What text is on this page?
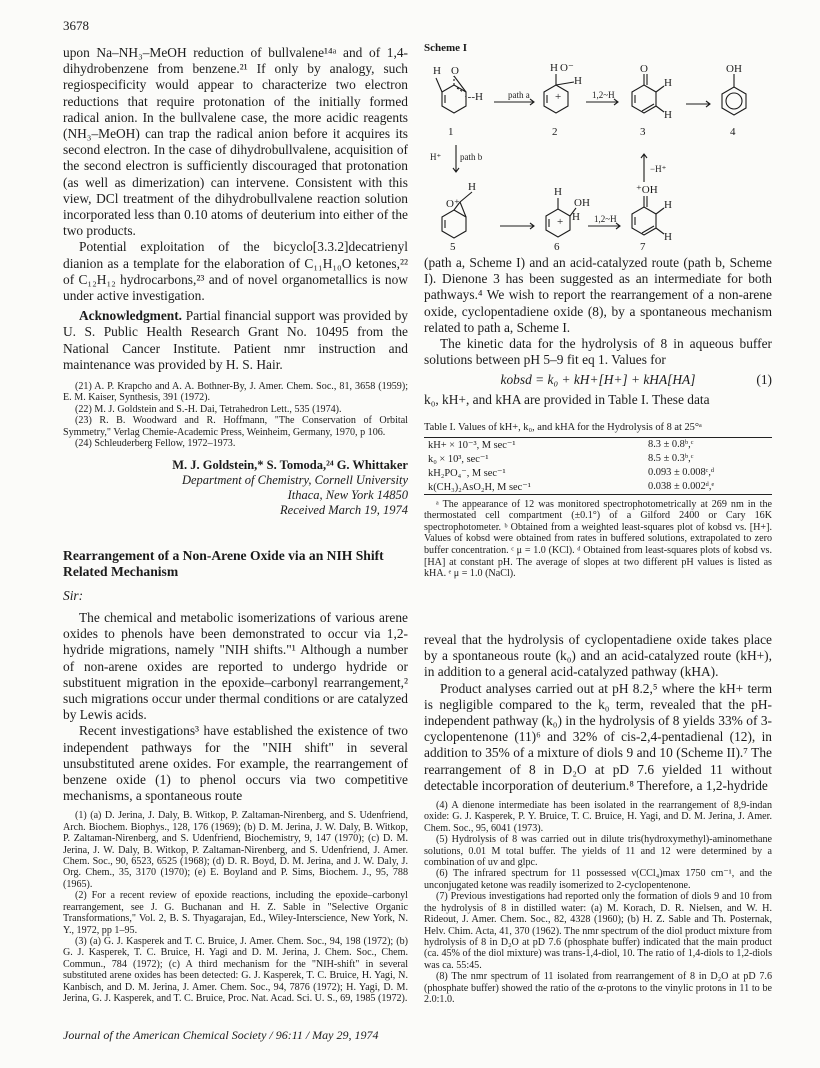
3678

upon Na–NH₃–MeOH reduction of bullvalene¹⁴ᵃ and of 1,4-dihydrobenzene from benzene.²¹ If only by analogy, such regiospecificity would appear to characterize two electron reductions that require protonation of the initially formed radical anion. In the bullvalene case, the more acidic reagents (NH₃–MeOH) can trap the radical anion before it acquires its second electron. In the case of dihydrobullvalene, acquisition of the second electron is sufficiently discouraged that protonation (as well as dimerization) can intervene. Consistent with this view, DCl treatment of the dihydrobullvalene reaction solution incorporated less than 0.10 atoms of deuterium into either of the two products.

Potential exploitation of the bicyclo[3.3.2]decatrienyl dianion as a template for the elaboration of C₁₁H₁₀O ketones,²² of C₁₂H₁₂ hydrocarbons,²³ and of novel organometallics is now under active investigation.

Acknowledgment. Partial financial support was provided by U. S. Public Health Research Grant No. 10495 from the National Cancer Institute. Patient nmr instruction and maintenance was provided by H. S. Hair.

(21) A. P. Krapcho and A. A. Bothner-By, J. Amer. Chem. Soc., 81, 3658 (1959); E. M. Kaiser, Synthesis, 391 (1972).

(22) M. J. Goldstein and S.-H. Dai, Tetrahedron Lett., 535 (1974).

(23) R. B. Woodward and R. Hoffmann, "The Conservation of Orbital Symmetry," Verlag Chemie-Academic Press, Weinheim, Germany, 1970, p 106.

(24) Schleuderberg Fellow, 1972–1973.

M. J. Goldstein,* S. Tomoda,²⁴ G. Whittaker
Department of Chemistry, Cornell University
Ithaca, New York 14850
Received March 19, 1974
Rearrangement of a Non-Arene Oxide via an NIH Shift Related Mechanism
Sir:

The chemical and metabolic isomerizations of various arene oxides to phenols have been demonstrated to occur via 1,2-hydride migrations, namely "NIH shifts."¹ Although a number of non-arene oxides are reported to undergo hydride or substituent migration in the epoxide–carbonyl rearrangement,² such migrations occur under thermal conditions or are catalyzed by Lewis acids.

Recent investigations³ have established the existence of two independent pathways for the "NIH shift" in several unsubstituted arene oxides. For example, the rearrangement of benzene oxide (1) to phenol occurs via two competitive mechanisms, a spontaneous route

(1) (a) D. Jerina, J. Daly, B. Witkop, P. Zaltaman-Nirenberg, and S. Udenfriend, Arch. Biochem. Biophys., 128, 176 (1969); (b) D. M. Jerina, J. W. Daly, B. Witkop, P. Zaltaman-Nirenberg, and S. Udenfriend, Biochemistry, 9, 147 (1970); (c) D. M. Jerina, J. W. Daly, B. Witkop, P. Zaltaman-Nirenberg, and S. Udenfriend, J. Amer. Chem. Soc., 90, 6523, 6525 (1968); (d) D. R. Boyd, D. M. Jerina, and J. W. Daly, J. Org. Chem., 35, 3170 (1970); (e) E. Boyland and P. Sims, Biochem. J., 95, 788 (1965).

(2) For a recent review of epoxide reactions, including the epoxide–carbonyl rearrangement, see J. G. Buchanan and H. Z. Sable in "Selective Organic Transformations," Vol. 2, B. S. Thyagarajan, Ed., Wiley-Interscience, New York, N. Y., 1972, pp 1–95.

(3) (a) G. J. Kasperek and T. C. Bruice, J. Amer. Chem. Soc., 94, 198 (1972); (b) G. J. Kasperek, T. C. Bruice, H. Yagi and D. M. Jerina, J. Chem. Soc., Chem. Commun., 784 (1972); (c) A third mechanism for the "NIH-shift" in several substituted arene oxides has been detected: G. J. Kasperek, T. C. Bruice, H. Yagi, N. Kanbisch, and D. M. Jerina, J. Amer. Chem. Soc., 94, 7876 (1972); H. Yagi, D. M. Jerina, G. J. Kasperek, and T. C. Bruice, Proc. Nat. Acad. Sci. U. S., 69, 1985 (1972).

Scheme I
H O
·--H	path a
H O⁻
H
+	1,2~H
O
H
H
OH
1	2	3	4
H⁺ path b
−H⁺
H
O⁺
H
OH
H
+	1,2~H
⁺OH
H
H
5	6	7

(path a, Scheme I) and an acid-catalyzed route (path b, Scheme I). Dienone 3 has been suggested as an intermediate for both pathways.⁴ We wish to report the rearrangement of a non-arene oxide, cyclopentadiene oxide (8), by a spontaneous mechanism related to path a, Scheme I.

The kinetic data for the hydrolysis of 8 in aqueous buffer solutions between pH 5–9 fit eq 1. Values for

kobsd = k₀ + kH+[H+] + kHA[HA]	(1)

k₀, kH+, and kHA are provided in Table I. These data

Table I. Values of kH+, k₀, and kHA for the Hydrolysis of 8 at 25°ᵃ
kH+ × 10⁻³, M sec⁻¹	8.3 ± 0.8ᵇ,ᶜ
k₀ × 10³, sec⁻¹	8.5 ± 0.3ᵇ,ᶜ
kH₂PO₄⁻, M sec⁻¹	0.093 ± 0.008ᶜ,ᵈ
k(CH₃)₂AsO₂H, M sec⁻¹	0.038 ± 0.002ᵈ,ᵉ

ᵃ The appearance of 12 was monitored spectrophotometrically at 269 nm in the thermostated cell compartment (±0.1°) of a Gilford 2400 or Cary 16K spectrophotometer. ᵇ Obtained from a weighted least-squares plot of kobsd vs. [H+]. Values of kobsd were obtained from rates in buffered solutions, extrapolated to zero buffer concentration. ᶜ μ = 1.0 (KCl). ᵈ Obtained from least-squares plots of kobsd vs. [HA] at constant pH. The average of slopes at two different pH values is listed as kHA. ᵉ μ = 1.0 (NaCl).

reveal that the hydrolysis of cyclopentadiene oxide takes place by a spontaneous route (k₀) and an acid-catalyzed route (kH+), in addition to a general acid-catalyzed pathway (kHA).

Product analyses carried out at pH 8.2,⁵ where the kH+ term is negligible compared to the k₀ term, revealed that the pH-independent pathway (k₀) in the hydrolysis of 8 yields 33% of 3-cyclopentenone (11)⁶ and 32% of cis-2,4-pentadienal (12), in addition to 35% of a mixture of diols 9 and 10 (Scheme II).⁷ The rearrangement of 8 in D₂O at pD 7.6 yielded 11 without detectable incorporation of deuterium.⁸ Therefore, a 1,2-hydride

(4) A dienone intermediate has been isolated in the rearrangement of 8,9-indan oxide: G. J. Kasperek, P. Y. Bruice, T. C. Bruice, H. Yagi, and D. M. Jerina, J. Amer. Chem. Soc., 95, 6041 (1973).

(5) Hydrolysis of 8 was carried out in dilute tris(hydroxymethyl)-aminomethane solutions, 0.01 M total buffer. The yields of 11 and 12 were determined by a combination of uv and glpc.

(6) The infrared spectrum for 11 possessed ν(CCl₄)max 1750 cm⁻¹, and the unconjugated ketone was readily isomerized to 2-cyclopentenone.

(7) Previous investigations had reported only the formation of diols 9 and 10 from the hydrolysis of 8 in distilled water: (a) M. Korach, D. R. Nielsen, and W. H. Rideout, J. Amer. Chem. Soc., 82, 4328 (1960); (b) H. Z. Sable and Th. Posternak, Helv. Chim. Acta, 41, 370 (1962). The nmr spectrum of the diol product mixture from hydrolysis of 8 in D₂O at pD 7.6 (phosphate buffer) indicated that the main product (ca. 45% of the diol mixture) was trans-1,4-diol, 10. The ratio of 1,4-diols to 1,2-diols was ca. 55:45.

(8) The nmr spectrum of 11 isolated from rearrangement of 8 in D₂O at pD 7.6 (phosphate buffer) showed the ratio of the α-protons to the vinylic protons in 11 to be 2.0:1.0.

Journal of the American Chemical Society / 96:11 / May 29, 1974
